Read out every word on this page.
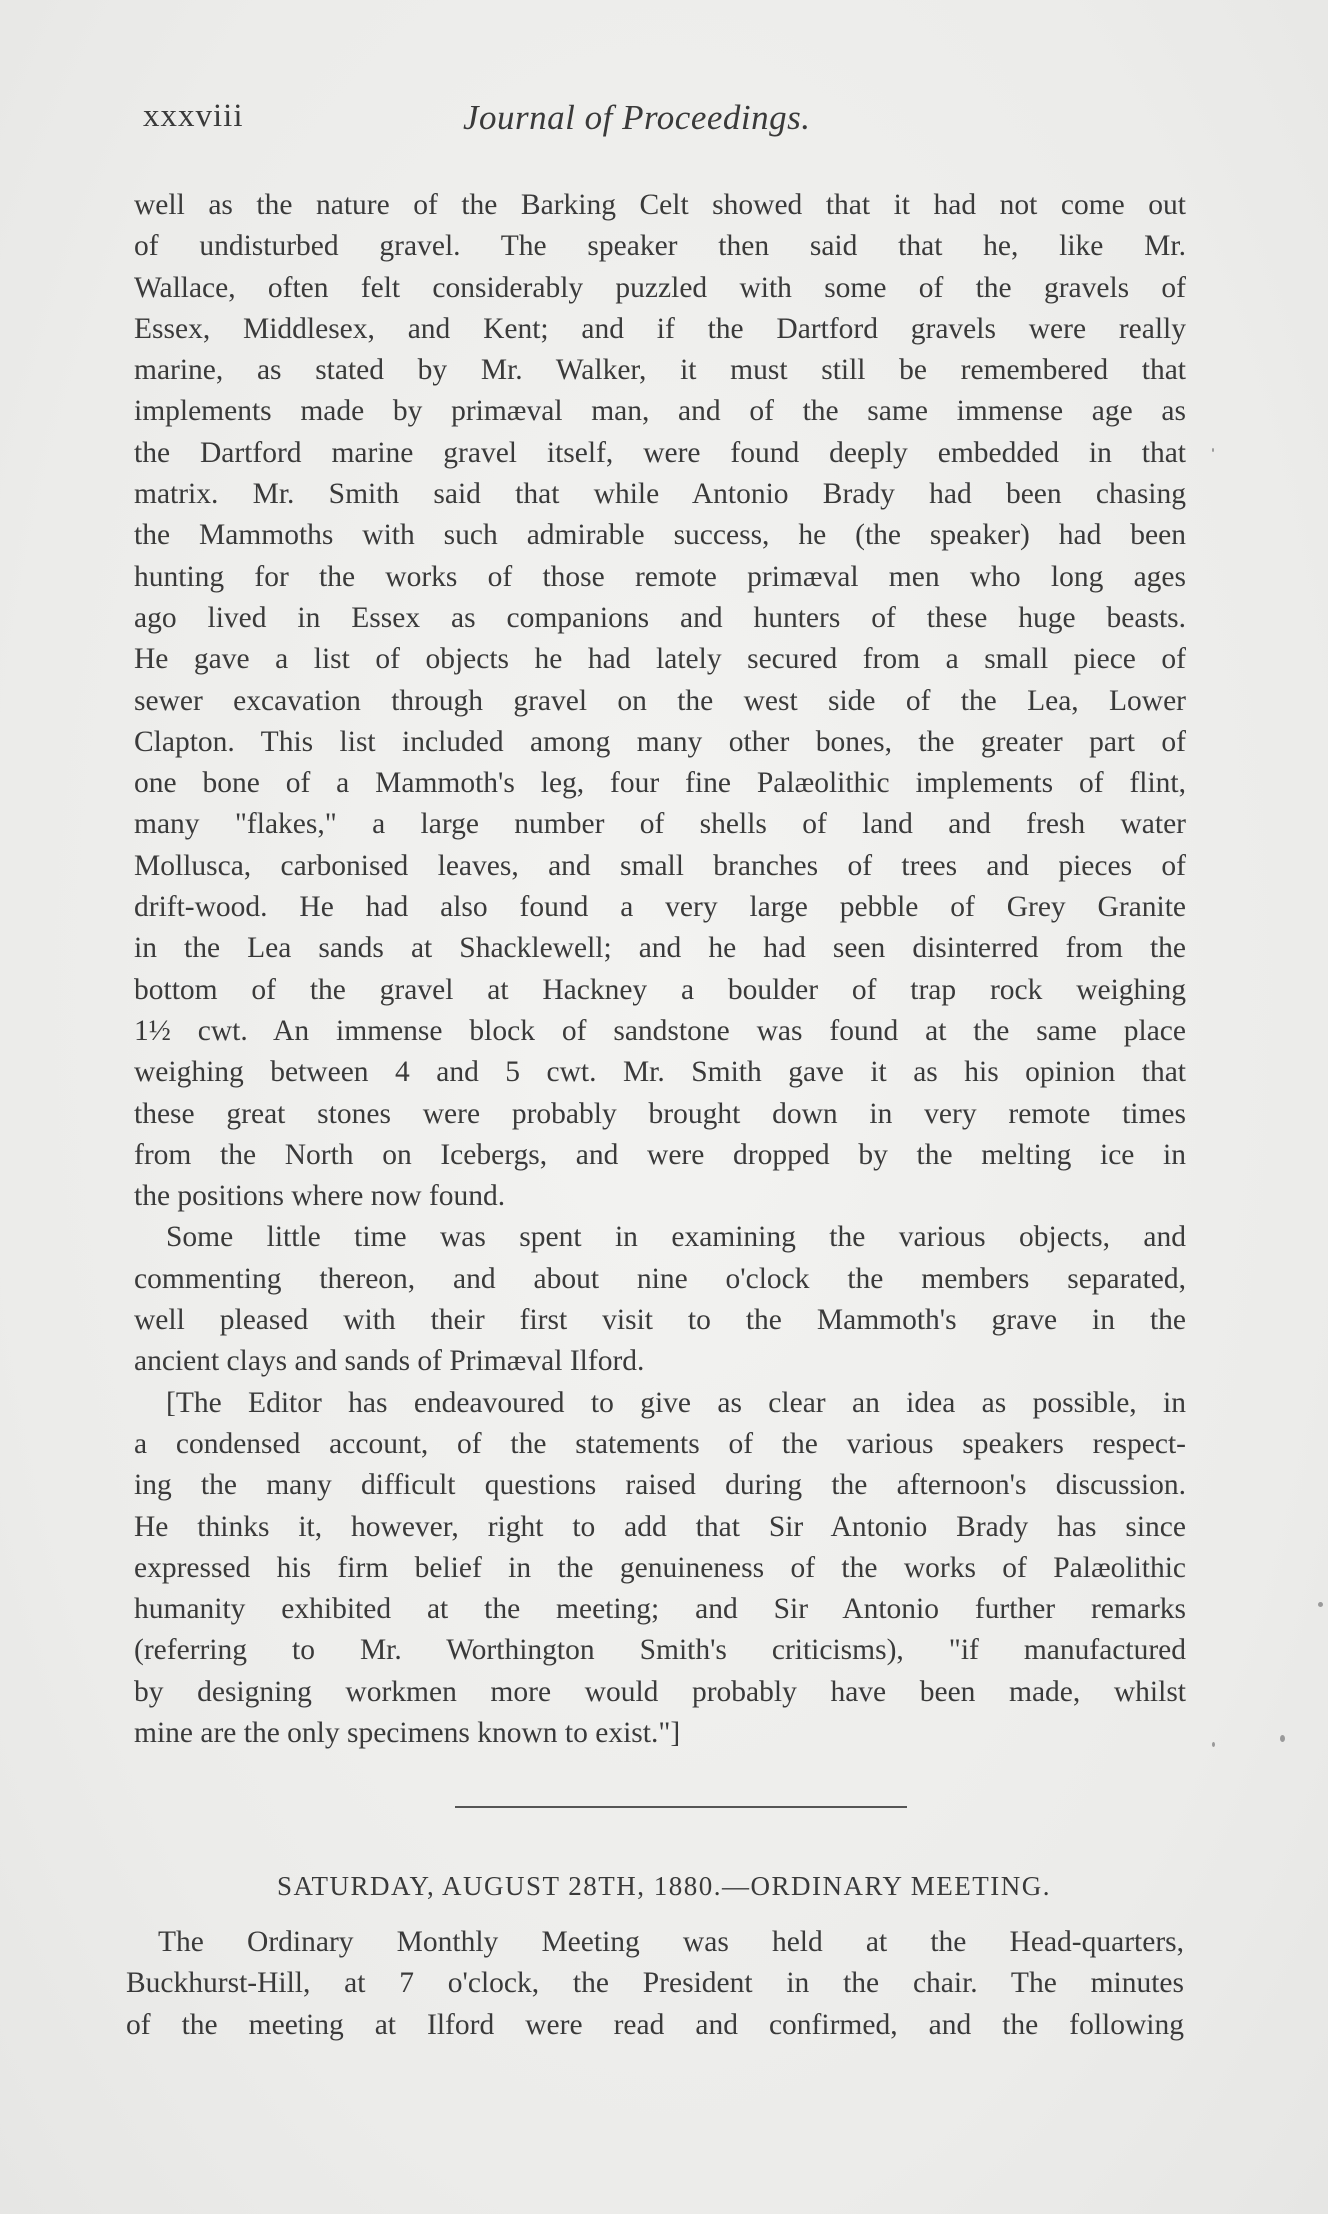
xxxviii	Journal of Proceedings.
well as the nature of the Barking Celt showed that it had not come out
of undisturbed gravel. The speaker then said that he, like Mr.
Wallace, often felt considerably puzzled with some of the gravels of
Essex, Middlesex, and Kent; and if the Dartford gravels were really
marine, as stated by Mr. Walker, it must still be remembered that
implements made by primæval man, and of the same immense age as
the Dartford marine gravel itself, were found deeply embedded in that
matrix. Mr. Smith said that while Antonio Brady had been chasing
the Mammoths with such admirable success, he (the speaker) had been
hunting for the works of those remote primæval men who long ages
ago lived in Essex as companions and hunters of these huge beasts.
He gave a list of objects he had lately secured from a small piece of
sewer excavation through gravel on the west side of the Lea, Lower
Clapton. This list included among many other bones, the greater part of
one bone of a Mammoth's leg, four fine Palæolithic implements of flint,
many "flakes," a large number of shells of land and fresh water
Mollusca, carbonised leaves, and small branches of trees and pieces of
drift-wood. He had also found a very large pebble of Grey Granite
in the Lea sands at Shacklewell; and he had seen disinterred from the
bottom of the gravel at Hackney a boulder of trap rock weighing
1½ cwt. An immense block of sandstone was found at the same place
weighing between 4 and 5 cwt. Mr. Smith gave it as his opinion that
these great stones were probably brought down in very remote times
from the North on Icebergs, and were dropped by the melting ice in
the positions where now found.
Some little time was spent in examining the various objects, and
commenting thereon, and about nine o'clock the members separated,
well pleased with their first visit to the Mammoth's grave in the
ancient clays and sands of Primæval Ilford.
[The Editor has endeavoured to give as clear an idea as possible, in
a condensed account, of the statements of the various speakers respect-
ing the many difficult questions raised during the afternoon's discussion.
He thinks it, however, right to add that Sir Antonio Brady has since
expressed his firm belief in the genuineness of the works of Palæolithic
humanity exhibited at the meeting; and Sir Antonio further remarks
(referring to Mr. Worthington Smith's criticisms), "if manufactured
by designing workmen more would probably have been made, whilst
mine are the only specimens known to exist."]
SATURDAY, AUGUST 28TH, 1880.—ORDINARY MEETING.
The Ordinary Monthly Meeting was held at the Head-quarters,
Buckhurst-Hill, at 7 o'clock, the President in the chair. The minutes
of the meeting at Ilford were read and confirmed, and the following
